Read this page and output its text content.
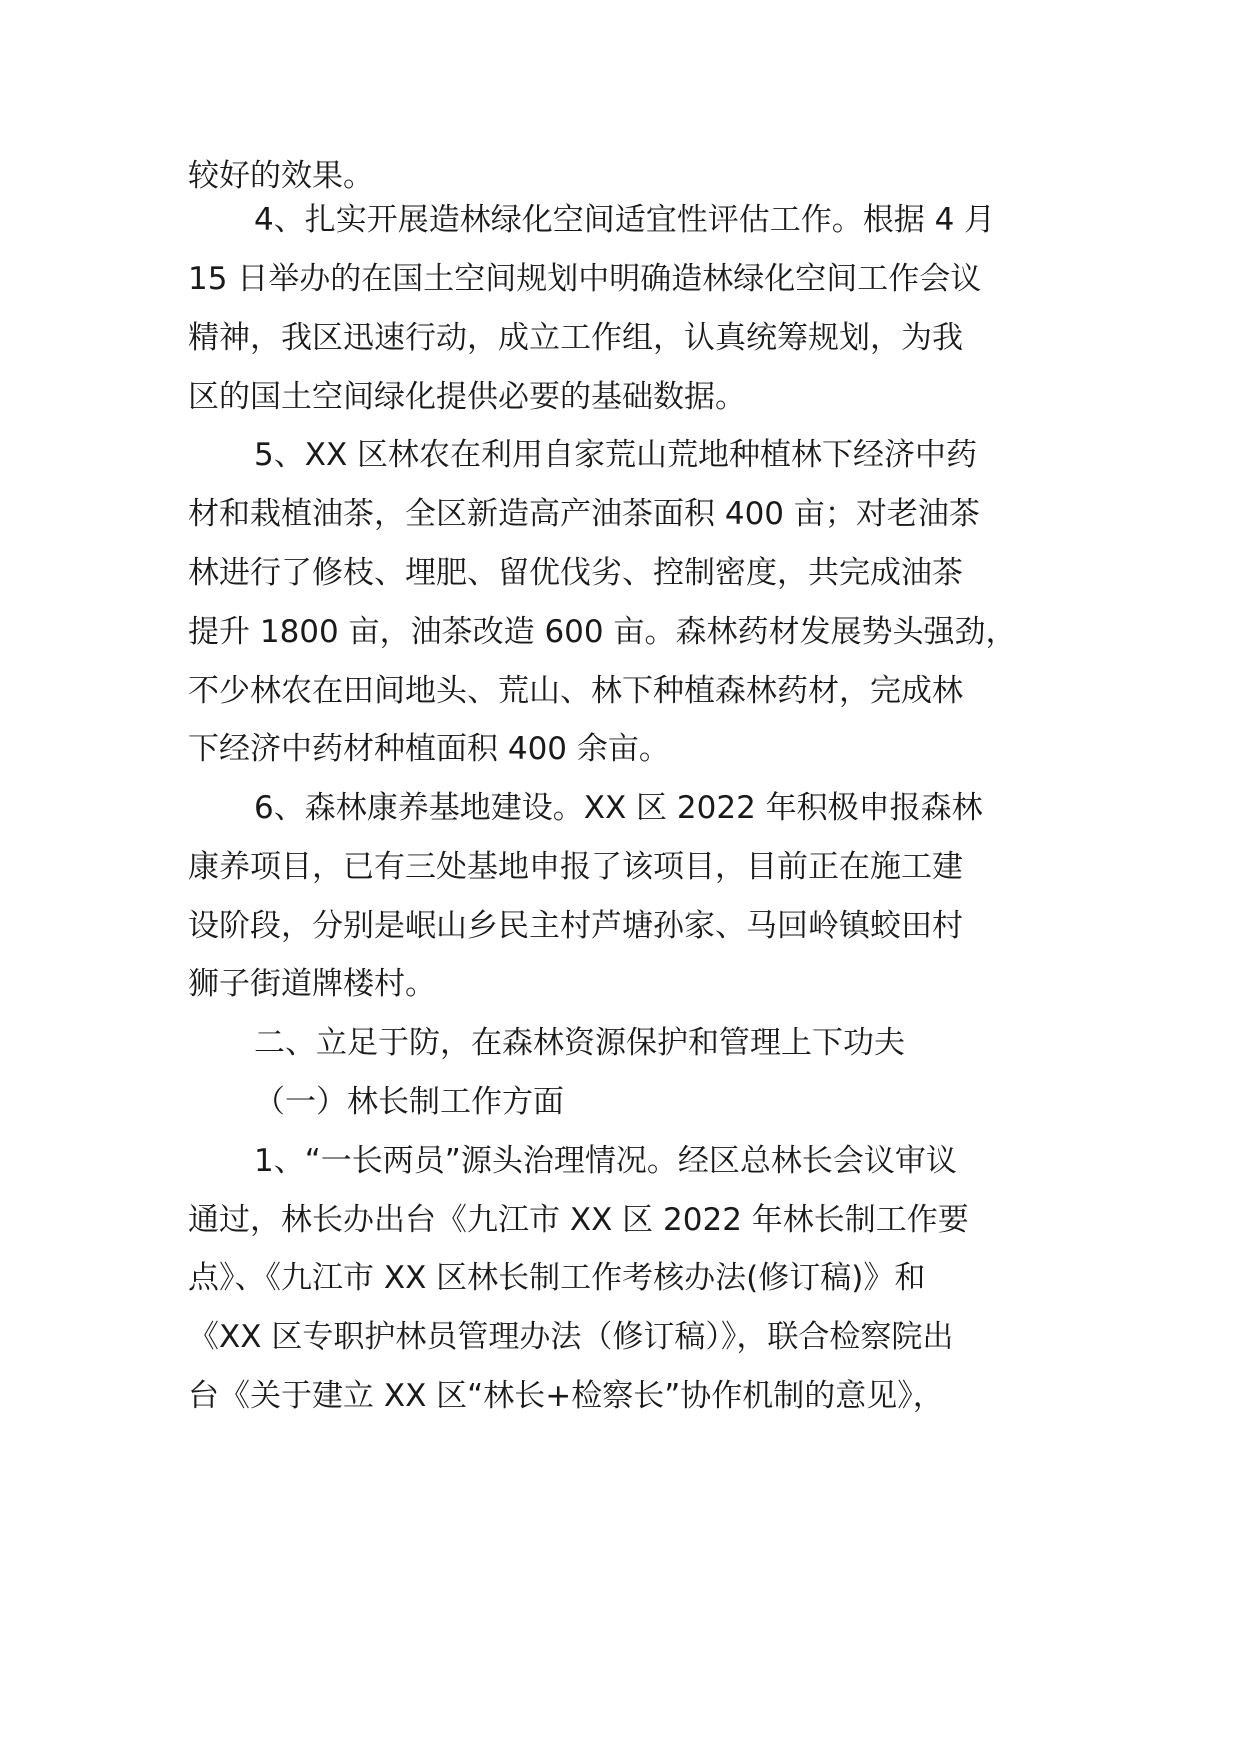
较好的效果。
4、扎实开展造林绿化空间适宜性评估工作。根据 4 月
15 日举办的在国土空间规划中明确造林绿化空间工作会议
精神，我区迅速行动，成立工作组，认真统筹规划，为我
区的国土空间绿化提供必要的基础数据。
5、XX 区林农在利用自家荒山荒地种植林下经济中药
材和栽植油茶，全区新造高产油茶面积 400 亩；对老油茶
林进行了修枝、埋肥、留优伐劣、控制密度，共完成油茶
提升 1800 亩，油茶改造 600 亩。森林药材发展势头强劲，
不少林农在田间地头、荒山、林下种植森林药材，完成林
下经济中药材种植面积 400 余亩。
6、森林康养基地建设。XX 区 2022 年积极申报森林
康养项目，已有三处基地申报了该项目，目前正在施工建
设阶段，分别是岷山乡民主村芦塘孙家、马回岭镇蛟田村
狮子街道牌楼村。
二、立足于防，在森林资源保护和管理上下功夫
（一）林长制工作方面
1、“一长两员”源头治理情况。经区总林长会议审议
通过，林长办出台《九江市 XX 区 2022 年林长制工作要
点》、《九江市 XX 区林长制工作考核办法(修订稿)》和
《XX 区专职护林员管理办法（修订稿）》，联合检察院出
台《关于建立 XX 区“林长+检察长”协作机制的意见》，
